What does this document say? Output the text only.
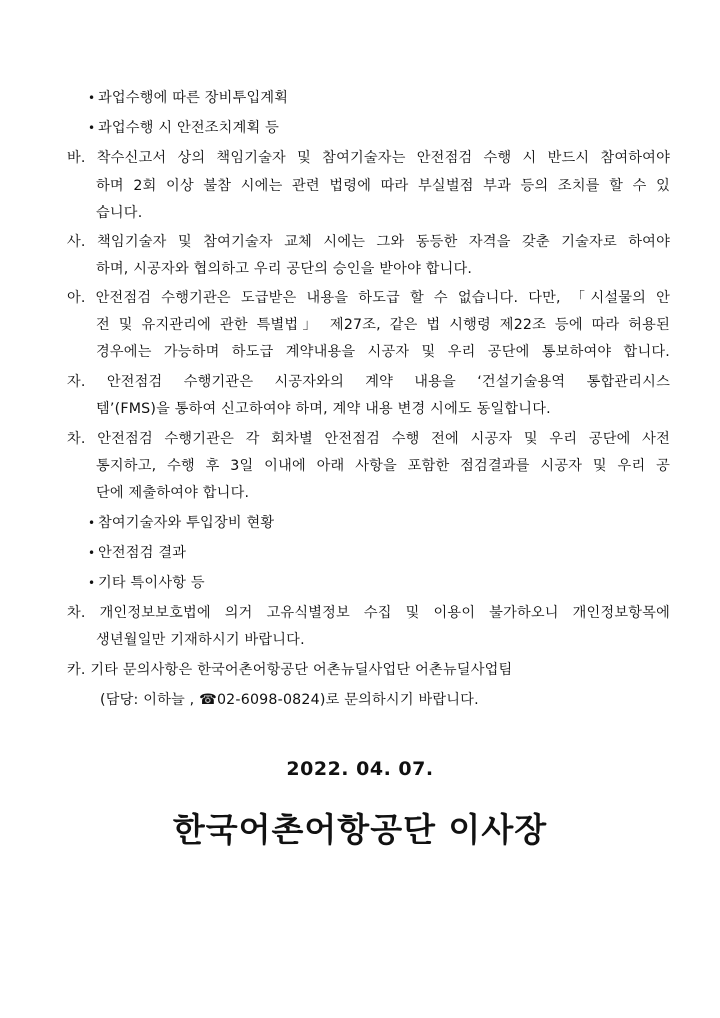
• 과업수행에 따른 장비투입계획
• 과업수행 시 안전조치계획 등
바. 착수신고서 상의 책임기술자 및 참여기술자는 안전점검 수행 시 반드시 참여하여야
하며 2회 이상 불참 시에는 관련 법령에 따라 부실벌점 부과 등의 조치를 할 수 있
습니다.
사. 책임기술자 및 참여기술자 교체 시에는 그와 동등한 자격을 갖춘 기술자로 하여야
하며, 시공자와 협의하고 우리 공단의 승인을 받아야 합니다.
아. 안전점검 수행기관은 도급받은 내용을 하도급 할 수 없습니다. 다만, 「시설물의 안
전 및 유지관리에 관한 특별법」 제27조, 같은 법 시행령 제22조 등에 따라 허용된
경우에는 가능하며 하도급 계약내용을 시공자 및 우리 공단에 통보하여야 합니다.
자. 안전점검 수행기관은 시공자와의 계약 내용을 ‘건설기술용역 통합관리시스
템’(FMS)을 통하여 신고하여야 하며, 계약 내용 변경 시에도 동일합니다.
차. 안전점검 수행기관은 각 회차별 안전점검 수행 전에 시공자 및 우리 공단에 사전
통지하고, 수행 후 3일 이내에 아래 사항을 포함한 점검결과를 시공자 및 우리 공
단에 제출하여야 합니다.
• 참여기술자와 투입장비 현황
• 안전점검 결과
• 기타 특이사항 등
차. 개인정보보호법에 의거 고유식별정보 수집 및 이용이 불가하오니 개인정보항목에
생년월일만 기재하시기 바랍니다.
카. 기타 문의사항은 한국어촌어항공단 어촌뉴딜사업단 어촌뉴딜사업팀
(담당: 이하늘 , ☎02-6098-0824)로 문의하시기 바랍니다.
2022. 04. 07.
한국어촌어항공단 이사장
